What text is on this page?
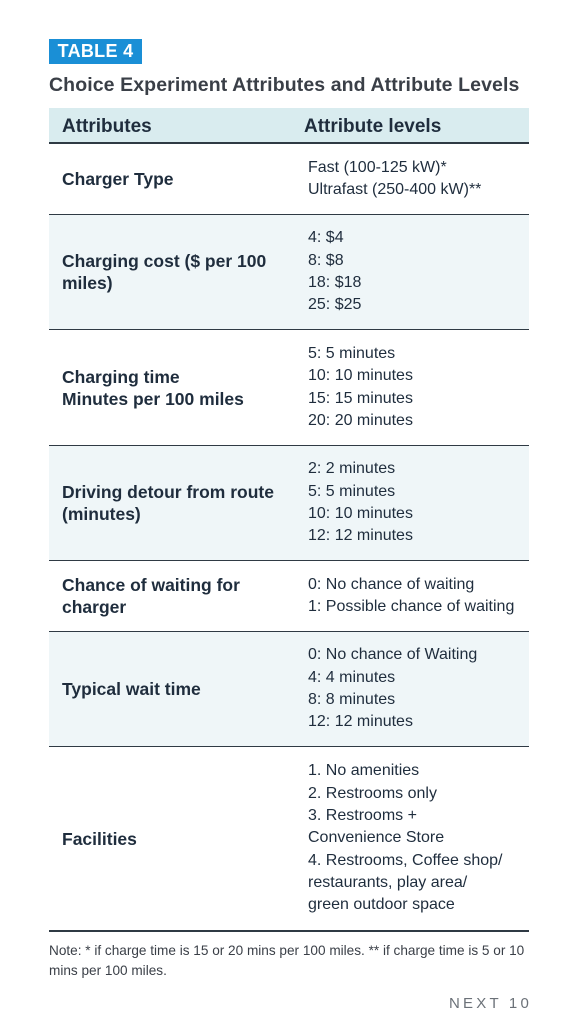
TABLE 4
Choice Experiment Attributes and Attribute Levels
Attributes	Attribute levels
Charger Type
Fast (100-125 kW)*
Ultrafast (250-400 kW)**
Charging cost ($ per 100 miles)
4: $4
8: $8
18: $18
25: $25
Charging time
Minutes per 100 miles
5: 5 minutes
10: 10 minutes
15: 15 minutes
20: 20 minutes
Driving detour from route (minutes)
2: 2 minutes
5: 5 minutes
10: 10 minutes
12: 12 minutes
Chance of waiting for charger
0: No chance of waiting
1: Possible chance of waiting
Typical wait time
0: No chance of Waiting
4: 4 minutes
8: 8 minutes
12: 12 minutes
Facilities
1. No amenities
2. Restrooms only
3. Restrooms +
Convenience Store
4. Restrooms, Coffee shop/
restaurants, play area/
green outdoor space
Note: * if charge time is 15 or 20 mins per 100 miles. ** if charge time is 5 or 10 mins per 100 miles.
NEXT 10
